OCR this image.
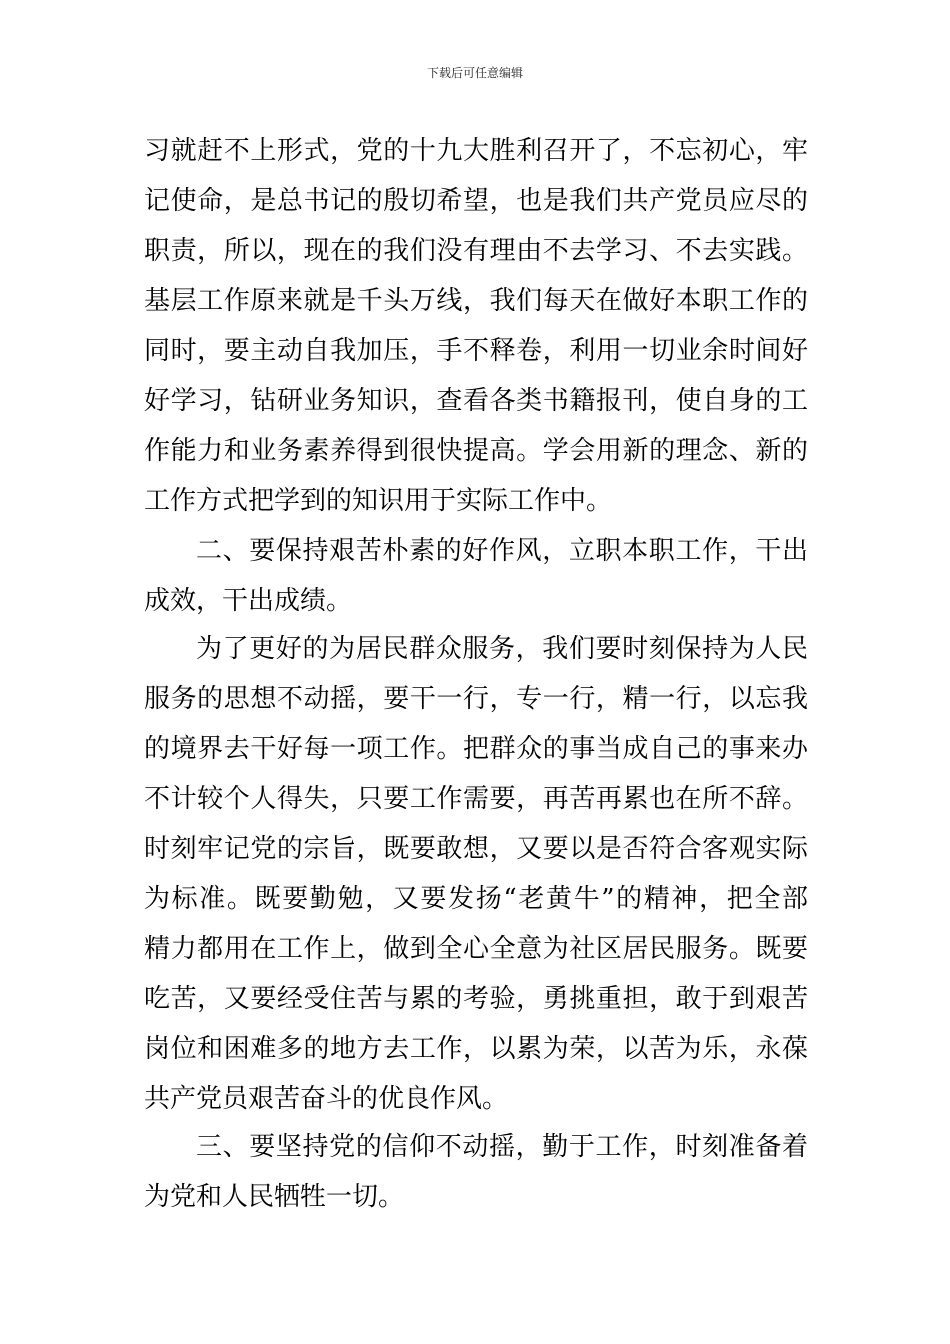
下载后可任意编辑
习就赶不上形式，党的十九大胜利召开了，不忘初心，牢
记使命，是总书记的殷切希望，也是我们共产党员应尽的
职责，所以，现在的我们没有理由不去学习、不去实践。
基层工作原来就是千头万线，我们每天在做好本职工作的
同时，要主动自我加压，手不释卷，利用一切业余时间好
好学习，钻研业务知识，查看各类书籍报刊，使自身的工
作能力和业务素养得到很快提高。学会用新的理念、新的
工作方式把学到的知识用于实际工作中。
二、要保持艰苦朴素的好作风，立职本职工作，干出
成效，干出成绩。
为了更好的为居民群众服务，我们要时刻保持为人民
服务的思想不动摇，要干一行，专一行，精一行，以忘我
的境界去干好每一项工作。把群众的事当成自己的事来办
不计较个人得失，只要工作需要，再苦再累也在所不辞。
时刻牢记党的宗旨，既要敢想，又要以是否符合客观实际
为标准。既要勤勉，又要发扬“老黄牛”的精神，把全部
精力都用在工作上，做到全心全意为社区居民服务。既要
吃苦，又要经受住苦与累的考验，勇挑重担，敢于到艰苦
岗位和困难多的地方去工作，以累为荣，以苦为乐，永葆
共产党员艰苦奋斗的优良作风。
三、要坚持党的信仰不动摇，勤于工作，时刻准备着
为党和人民牺牲一切。
